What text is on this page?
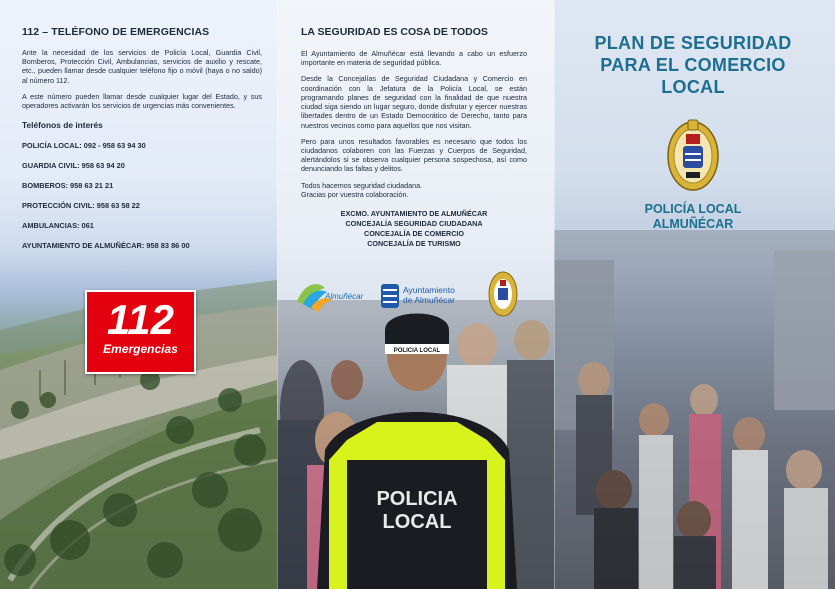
112 – TELÉFONO DE EMERGENCIAS

Ante la necesidad de los servicios de Policía Local, Guardia Civil, Bomberos, Protección Civil, Ambulancias, servicios de auxilio y rescate, etc., pueden llamar desde cualquier teléfono fijo o móvil (haya o no saldo) al número 112.

A este número pueden llamar desde cualquier lugar del Estado, y sus operadores activarán los servicios de urgencias más convenientes.

Teléfonos de interés
POLICÍA LOCAL: 092 - 958 63 94 30
GUARDIA CIVIL: 958 63 94 20
BOMBEROS: 958 63 21 21
PROTECCIÓN CIVIL: 958 63 58 22
AMBULANCIAS: 061
AYUNTAMIENTO DE ALMUÑÉCAR: 958 83 86 00
112
Emergencias	POLICIA LOCAL
POLICIA
LOCAL
LA SEGURIDAD ES COSA DE TODOS

El Ayuntamiento de Almuñécar está llevando a cabo un esfuerzo importante en materia de seguridad pública.

Desde la Concejalías de Seguridad Ciudadana y Comercio en coordinación con la Jefatura de la Policía Local, se están programando planes de seguridad con la finalidad de que nuestra ciudad siga siendo un lugar seguro, donde disfrutar y ejercer nuestras libertades dentro de un Estado Democrático de Derecho, tanto para nuestros vecinos como para aquellos que nos visitan.

Pero para unos resultados favorables es necesario que todos los ciudadanos colaboren con las Fuerzas y Cuerpos de Seguridad, alertándolos si se observa cualquier persona sospechosa, así como denunciando las faltas y delitos.

Todos hacemos seguridad ciudadana.

Gracias por vuestra colaboración.

EXCMO. AYUNTAMIENTO DE ALMUÑÉCAR
CONCEJALÍA SEGURIDAD CIUDADANA
CONCEJALÍA DE COMERCIO
CONCEJALÍA DE TURISMO
Almuñécar
Ayuntamiento
de Almuñécar
PLAN DE SEGURIDAD
PARA EL COMERCIO
LOCAL
POLICÍA LOCAL
ALMUÑÉCAR
